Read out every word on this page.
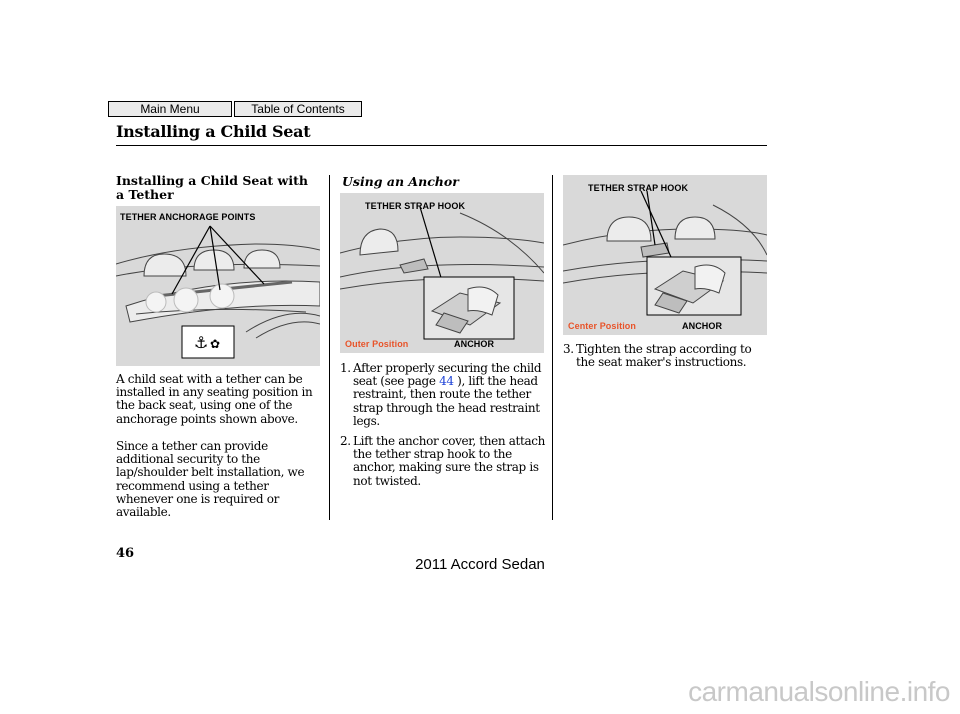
Main Menu	Table of Contents
Installing a Child Seat
Installing a Child Seat with a Tether
⚓ ✿
TETHER ANCHORAGE POINTS
A child seat with a tether can be installed in any seating position in the back seat, using one of the anchorage points shown above.
Since a tether can provide additional security to the lap/shoulder belt installation, we recommend using a tether whenever one is required or available.
Using an Anchor
TETHER STRAP HOOK
Outer Position	ANCHOR
1. After properly securing the child seat (see page 44 ), lift the head restraint, then route the tether strap through the head restraint legs.
2. Lift the anchor cover, then attach the tether strap hook to the anchor, making sure the strap is not twisted.
TETHER STRAP HOOK
Center Position	ANCHOR
3. Tighten the strap according to the seat maker's instructions.
46
2011 Accord Sedan
carmanualsonline.info
